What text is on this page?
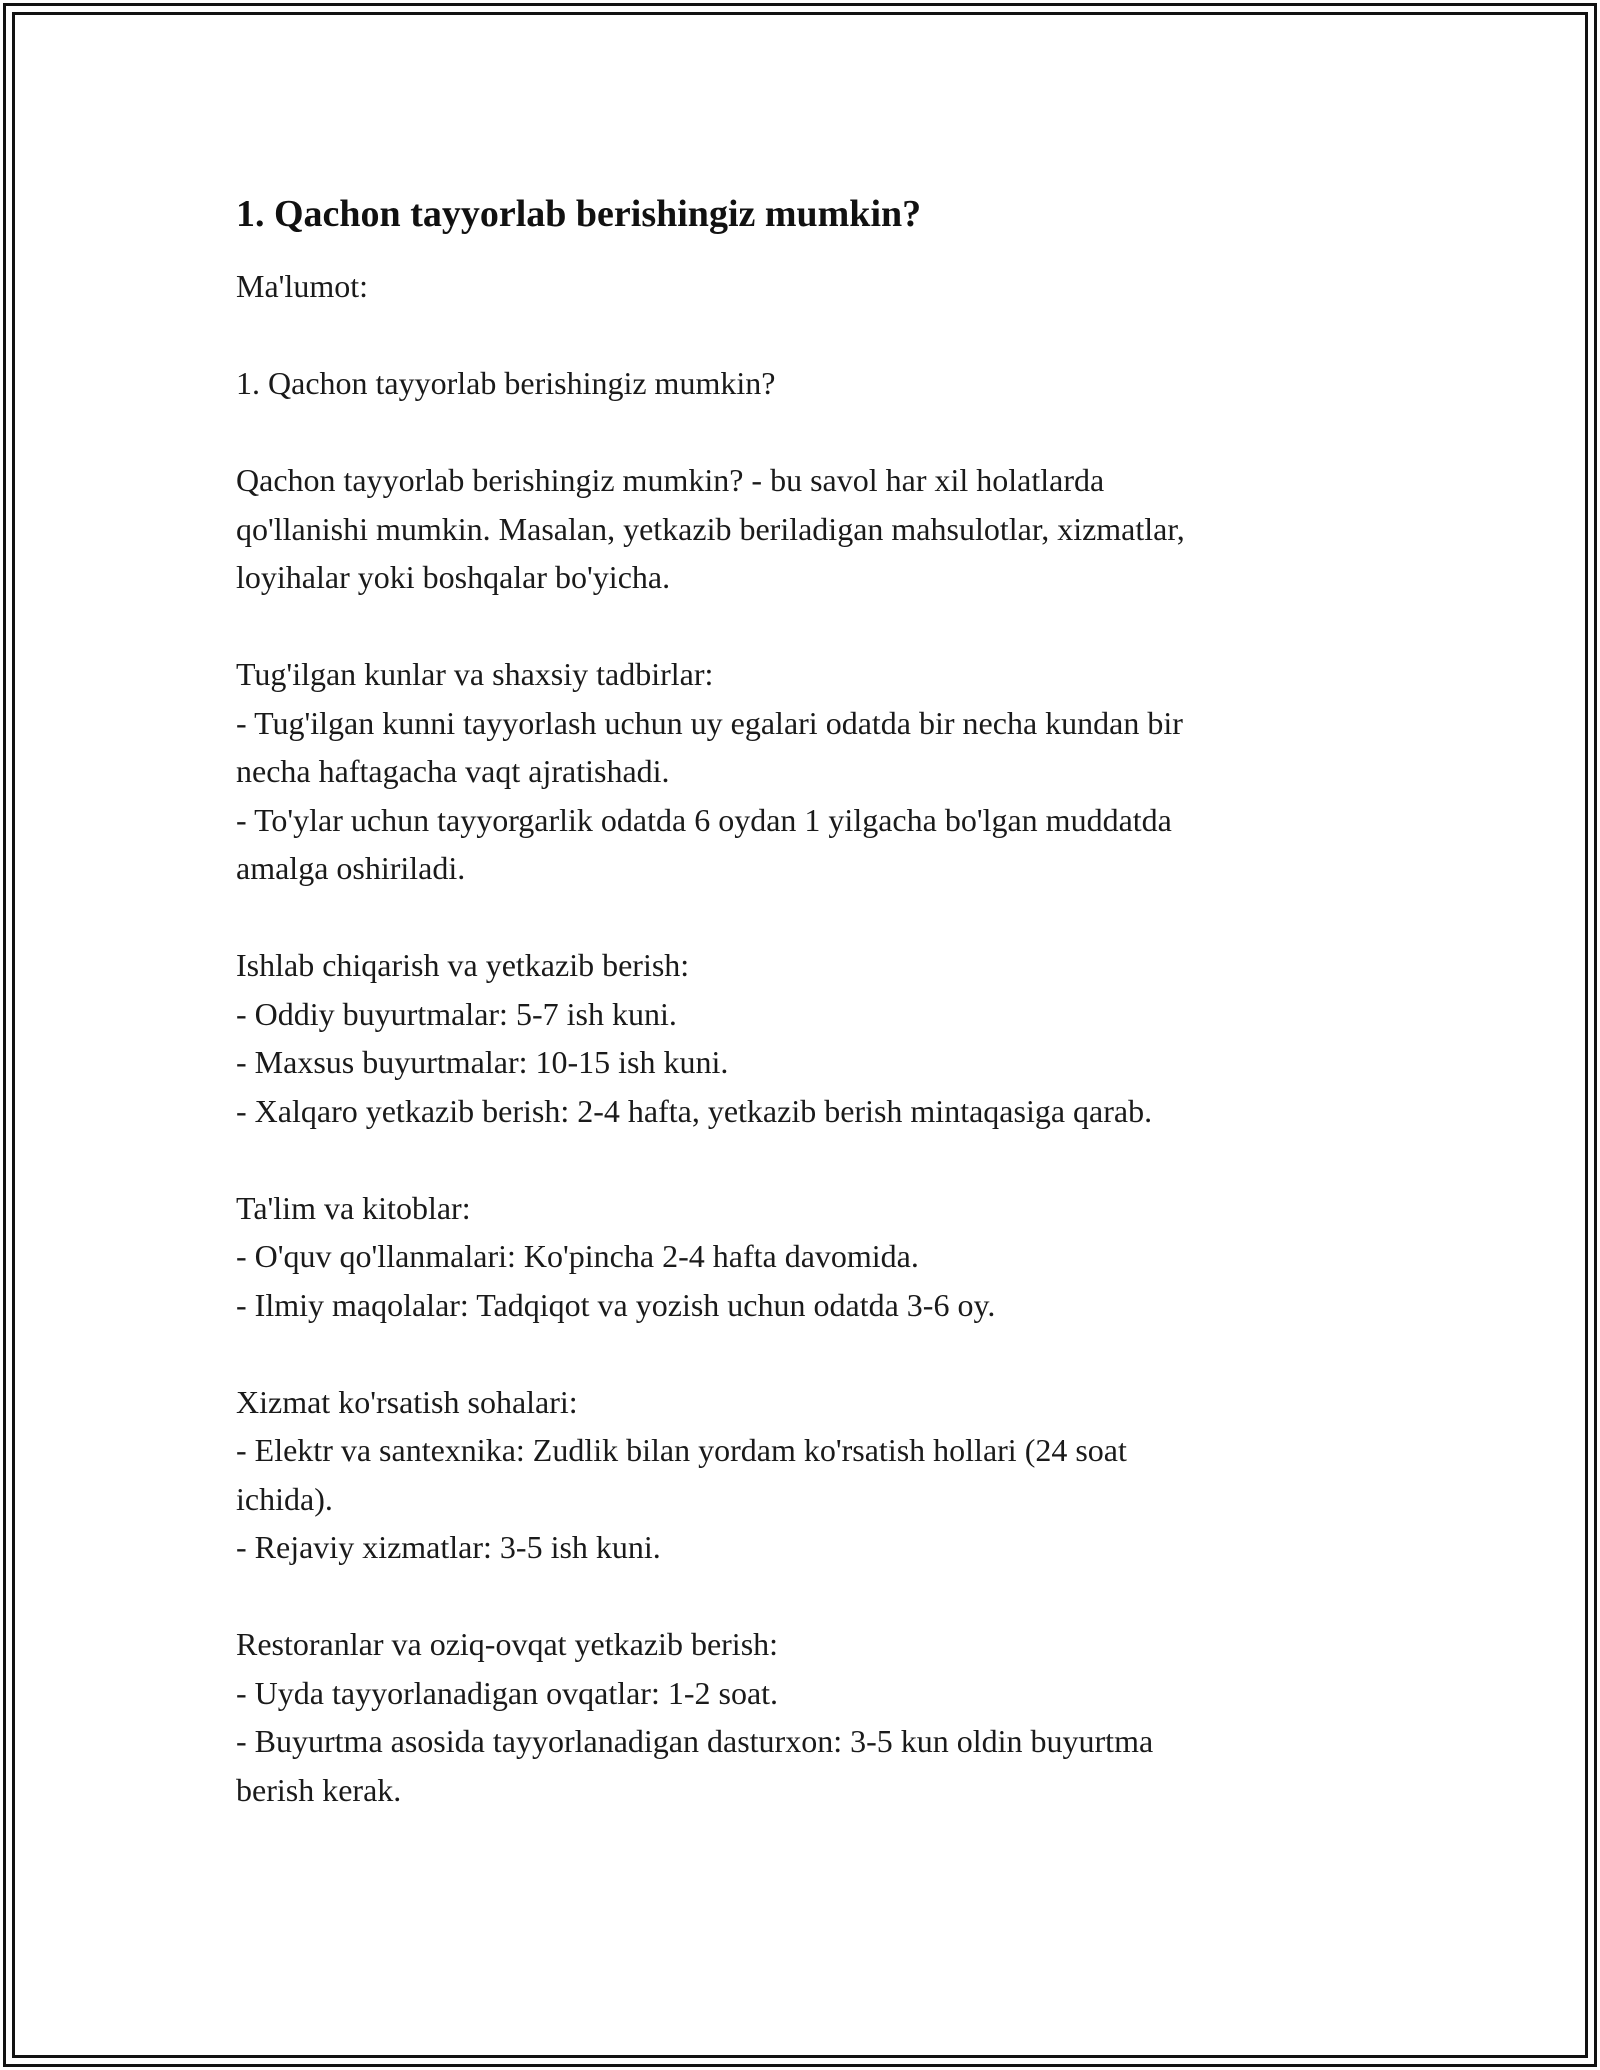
1. Qachon tayyorlab berishingiz mumkin?

Ma'lumot:

1. Qachon tayyorlab berishingiz mumkin?

Qachon tayyorlab berishingiz mumkin? - bu savol har xil holatlarda

qo'llanishi mumkin. Masalan, yetkazib beriladigan mahsulotlar, xizmatlar,

loyihalar yoki boshqalar bo'yicha.

Tug'ilgan kunlar va shaxsiy tadbirlar:

- Tug'ilgan kunni tayyorlash uchun uy egalari odatda bir necha kundan bir

necha haftagacha vaqt ajratishadi.

- To'ylar uchun tayyorgarlik odatda 6 oydan 1 yilgacha bo'lgan muddatda

amalga oshiriladi.

Ishlab chiqarish va yetkazib berish:

- Oddiy buyurtmalar: 5-7 ish kuni.

- Maxsus buyurtmalar: 10-15 ish kuni.

- Xalqaro yetkazib berish: 2-4 hafta, yetkazib berish mintaqasiga qarab.

Ta'lim va kitoblar:

- O'quv qo'llanmalari: Ko'pincha 2-4 hafta davomida.

- Ilmiy maqolalar: Tadqiqot va yozish uchun odatda 3-6 oy.

Xizmat ko'rsatish sohalari:

- Elektr va santexnika: Zudlik bilan yordam ko'rsatish hollari (24 soat

ichida).

- Rejaviy xizmatlar: 3-5 ish kuni.

Restoranlar va oziq-ovqat yetkazib berish:

- Uyda tayyorlanadigan ovqatlar: 1-2 soat.

- Buyurtma asosida tayyorlanadigan dasturxon: 3-5 kun oldin buyurtma

berish kerak.
